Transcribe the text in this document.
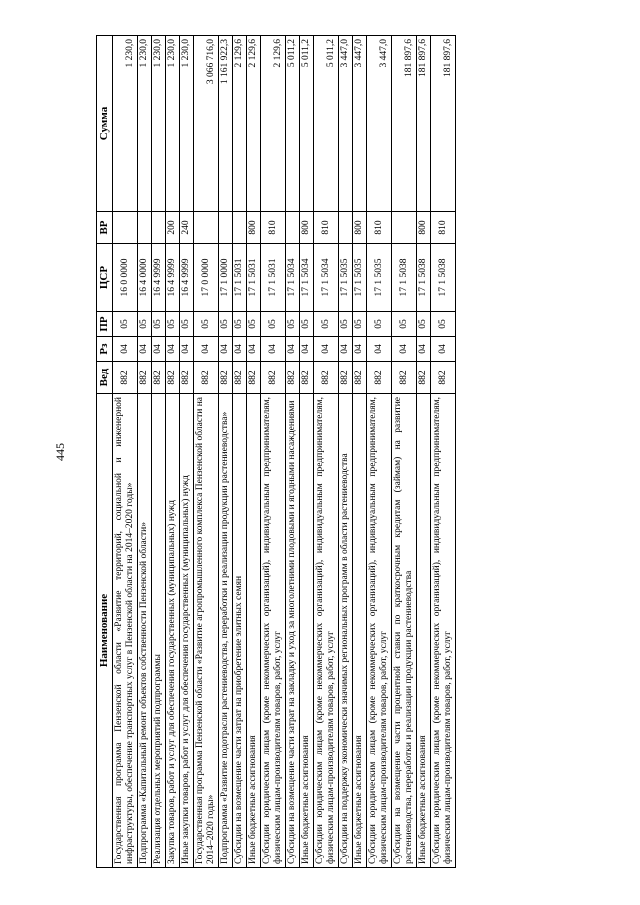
445
Наименование	Вед	Рз	ПР	ЦСР	ВР	Сумма
Государственная программа Пензенской области «Развитие территорий, социальной и инженерной инфраструктуры, обеспечение транспортных услуг в Пензенской области на 2014–2020 годы»	882	04	05	16 0 0000		1 230,0
Подпрограмма «Капитальный ремонт объектов собственности Пензенской области»	882	04	05	16 4 0000		1 230,0
Реализация отдельных мероприятий подпрограммы	882	04	05	16 4 9999		1 230,0
Закупка товаров, работ и услуг для обеспечения государственных (муниципальных) нужд	882	04	05	16 4 9999	200	1 230,0
Иные закупки товаров, работ и услуг для обеспечения государственных (муниципальных) нужд	882	04	05	16 4 9999	240	1 230,0
Государственная программа Пензенской области «Развитие агропромышленного комплекса Пензенской области на 2014–2020 годы»	882	04	05	17 0 0000		3 066 716,0
Подпрограмма «Развитие подотрасли растениеводства, переработки и реализации продукции растениеводства»	882	04	05	17 1 0000		1 161 922,3
Субсидии на возмещение части затрат на приобретение элитных семян	882	04	05	17 1 5031		2 129,6
Иные бюджетные ассигнования	882	04	05	17 1 5031	800	2 129,6
Субсидии юридическим лицам (кроме некоммерческих организаций), индивидуальным предпринимателям, физическим лицам-производителям товаров, работ, услуг	882	04	05	17 1 5031	810	2 129,6
Субсидии на возмещение части затрат на закладку и уход за многолетними плодовыми и ягодными насаждениями	882	04	05	17 1 5034		5 011,2
Иные бюджетные ассигнования	882	04	05	17 1 5034	800	5 011,2
Субсидии юридическим лицам (кроме некоммерческих организаций), индивидуальным предпринимателям, физическим лицам-производителям товаров, работ, услуг	882	04	05	17 1 5034	810	5 011,2
Субсидии на поддержку экономически значимых региональных программ в области растениеводства	882	04	05	17 1 5035		3 447,0
Иные бюджетные ассигнования	882	04	05	17 1 5035	800	3 447,0
Субсидии юридическим лицам (кроме некоммерческих организаций), индивидуальным предпринимателям, физическим лицам-производителям товаров, работ, услуг	882	04	05	17 1 5035	810	3 447,0
Субсидии на возмещение части процентной ставки по краткосрочным кредитам (займам) на развитие растениеводства, переработки и реализации продукции растениеводства	882	04	05	17 1 5038		181 897,6
Иные бюджетные ассигнования	882	04	05	17 1 5038	800	181 897,6
Субсидии юридическим лицам (кроме некоммерческих организаций), индивидуальным предпринимателям, физическим лицам-производителям товаров, работ, услуг	882	04	05	17 1 5038	810	181 897,6
